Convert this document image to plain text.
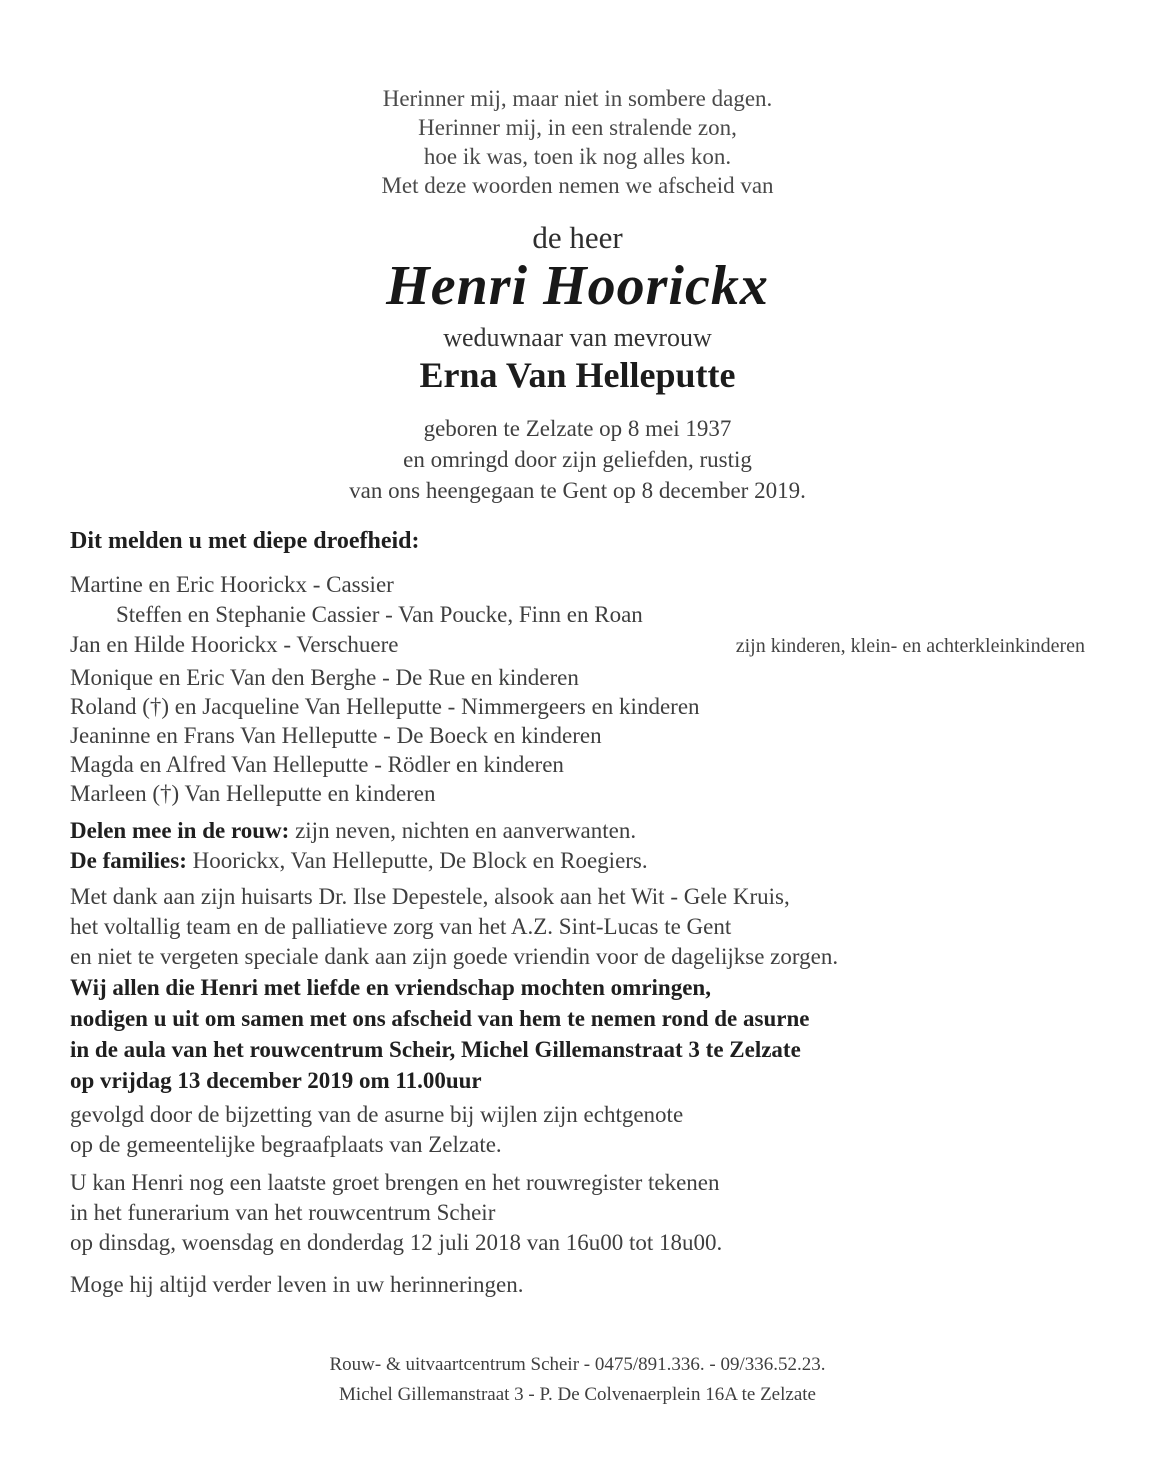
Herinner mij, maar niet in sombere dagen.
Herinner mij, in een stralende zon,
hoe ik was, toen ik nog alles kon.
Met deze woorden nemen we afscheid van
de heer
Henri Hoorickx
weduwnaar van mevrouw
Erna Van Helleputte
geboren te Zelzate op 8 mei 1937
en omringd door zijn geliefden, rustig
van ons heengegaan te Gent op 8 december 2019.
Dit melden u met diepe droefheid:
Martine en Eric Hoorickx - Cassier
Steffen en Stephanie Cassier - Van Poucke, Finn en Roan
Jan en Hilde Hoorickx - Verschuere	zijn kinderen, klein- en achterkleinkinderen
Monique en Eric Van den Berghe - De Rue en kinderen
Roland (†) en Jacqueline Van Helleputte - Nimmergeers en kinderen
Jeaninne en Frans Van Helleputte - De Boeck en kinderen
Magda en Alfred Van Helleputte - Rödler en kinderen
Marleen (†) Van Helleputte en kinderen
Delen mee in de rouw: zijn neven, nichten en aanverwanten.
De families: Hoorickx, Van Helleputte, De Block en Roegiers.
Met dank aan zijn huisarts Dr. Ilse Depestele, alsook aan het Wit - Gele Kruis,
het voltallig team en de palliatieve zorg van het A.Z. Sint-Lucas te Gent
en niet te vergeten speciale dank aan zijn goede vriendin voor de dagelijkse zorgen.
Wij allen die Henri met liefde en vriendschap mochten omringen,
nodigen u uit om samen met ons afscheid van hem te nemen rond de asurne
in de aula van het rouwcentrum Scheir, Michel Gillemanstraat 3 te Zelzate
op vrijdag 13 december 2019 om 11.00uur
gevolgd door de bijzetting van de asurne bij wijlen zijn echtgenote
op de gemeentelijke begraafplaats van Zelzate.
U kan Henri nog een laatste groet brengen en het rouwregister tekenen
in het funerarium van het rouwcentrum Scheir
op dinsdag, woensdag en donderdag 12 juli 2018 van 16u00 tot 18u00.
Moge hij altijd verder leven in uw herinneringen.
Rouw- & uitvaartcentrum Scheir - 0475/891.336. - 09/336.52.23.
Michel Gillemanstraat 3 - P. De Colvenaerplein 16A te Zelzate
